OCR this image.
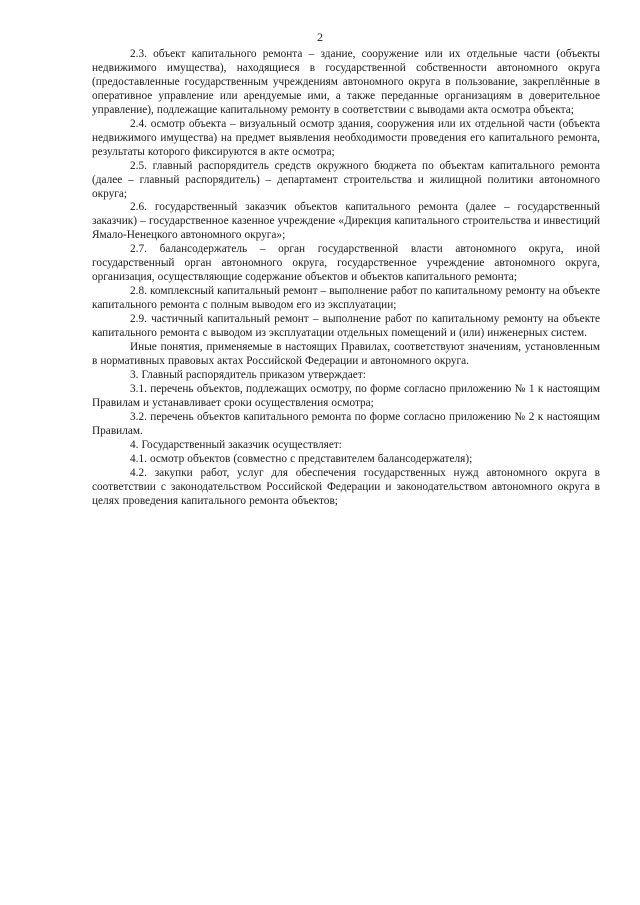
2

2.3. объект капитального ремонта – здание, сооружение или их отдельные части (объекты недвижимого имущества), находящиеся в государственной собственности автономного округа (предоставленные государственным учреждениям автономного округа в пользование, закреплённые в оперативное управление или арендуемые ими, а также переданные организациям в доверительное управление), подлежащие капитальному ремонту в соответствии с выводами акта осмотра объекта;

2.4. осмотр объекта – визуальный осмотр здания, сооружения или их отдельной части (объекта недвижимого имущества) на предмет выявления необходимости проведения его капитального ремонта, результаты которого фиксируются в акте осмотра;

2.5. главный распорядитель средств окружного бюджета по объектам капитального ремонта (далее – главный распорядитель) – департамент строительства и жилищной политики автономного округа;

2.6. государственный заказчик объектов капитального ремонта (далее – государственный заказчик) – государственное казенное учреждение «Дирекция капитального строительства и инвестиций Ямало-Ненецкого автономного округа»;

2.7. балансодержатель – орган государственной власти автономного округа, иной государственный орган автономного округа, государственное учреждение автономного округа, организация, осуществляющие содержание объектов и объектов капитального ремонта;

2.8. комплексный капитальный ремонт – выполнение работ по капитальному ремонту на объекте капитального ремонта с полным выводом его из эксплуатации;

2.9. частичный капитальный ремонт – выполнение работ по капитальному ремонту на объекте капитального ремонта с выводом из эксплуатации отдельных помещений и (или) инженерных систем.

Иные понятия, применяемые в настоящих Правилах, соответствуют значениям, установленным в нормативных правовых актах Российской Федерации и автономного округа.

3. Главный распорядитель приказом утверждает:

3.1. перечень объектов, подлежащих осмотру, по форме согласно приложению № 1 к настоящим Правилам и устанавливает сроки осуществления осмотра;

3.2. перечень объектов капитального ремонта по форме согласно приложению № 2 к настоящим Правилам.

4. Государственный заказчик осуществляет:

4.1. осмотр объектов (совместно с представителем балансодержателя);

4.2. закупки работ, услуг для обеспечения государственных нужд автономного округа в соответствии с законодательством Российской Федерации и законодательством автономного округа в целях проведения капитального ремонта объектов;
